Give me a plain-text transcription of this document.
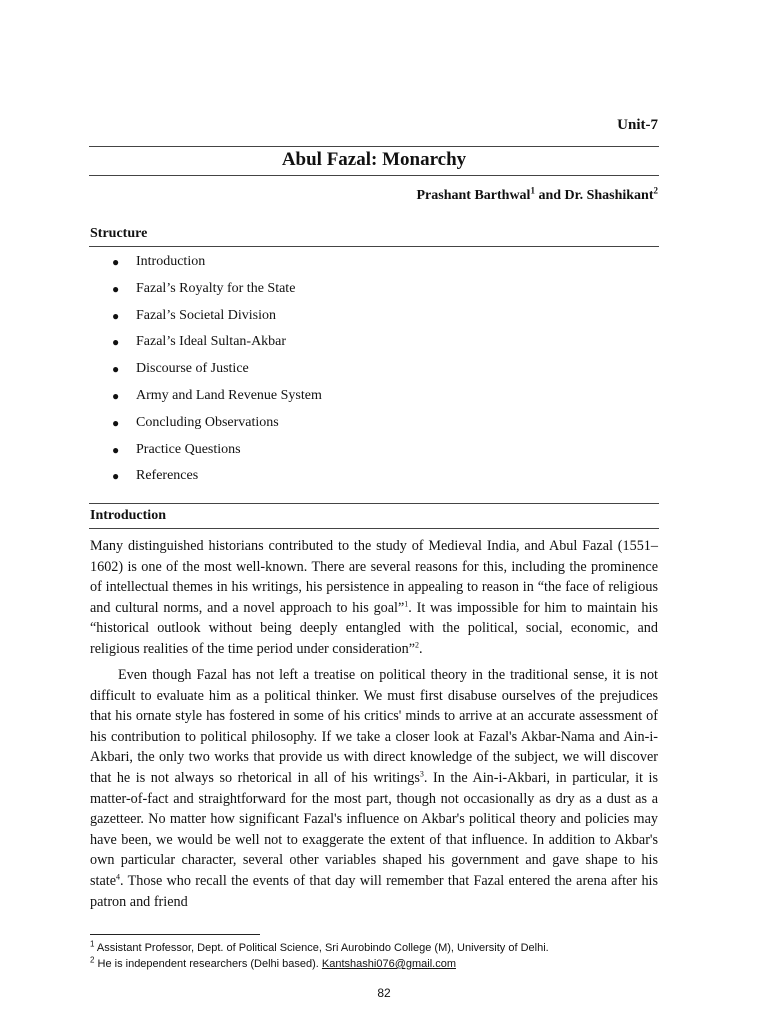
Unit-7
Abul Fazal: Monarchy
Prashant Barthwal$^1$ and Dr. Shashikant$^2$
Structure
●	Introduction
●	Fazal’s Royalty for the State
●	Fazal’s Societal Division
●	Fazal’s Ideal Sultan-Akbar
●	Discourse of Justice
●	Army and Land Revenue System
●	Concluding Observations
●	Practice Questions
●	References
Introduction

Many distinguished historians contributed to the study of Medieval India, and Abul Fazal (1551–1602) is one of the most well-known. There are several reasons for this, including the prominence of intellectual themes in his writings, his persistence in appealing to reason in “the face of religious and cultural norms, and a novel approach to his goal”$^1$. It was impossible for him to maintain his “historical outlook without being deeply entangled with the political, social, economic, and religious realities of the time period under consideration”$^2$.

Even though Fazal has not left a treatise on political theory in the traditional sense, it is not difficult to evaluate him as a political thinker. We must first disabuse ourselves of the prejudices that his ornate style has fostered in some of his critics' minds to arrive at an accurate assessment of his contribution to political philosophy. If we take a closer look at Fazal's Akbar-Nama and Ain-i-Akbari, the only two works that provide us with direct knowledge of the subject, we will discover that he is not always so rhetorical in all of his writings$^3$. In the Ain-i-Akbari, in particular, it is matter-of-fact and straightforward for the most part, though not occasionally as dry as a dust as a gazetteer. No matter how significant Fazal's influence on Akbar's political theory and policies may have been, we would be well not to exaggerate the extent of that influence. In addition to Akbar's own particular character, several other variables shaped his government and gave shape to his state$^4$. Those who recall the events of that day will remember that Fazal entered the arena after his patron and friend

$^1$ Assistant Professor, Dept. of Political Science, Sri Aurobindo College (M), University of Delhi.
$^2$ He is independent researchers (Delhi based). Kantshashi076@gmail.com
82
